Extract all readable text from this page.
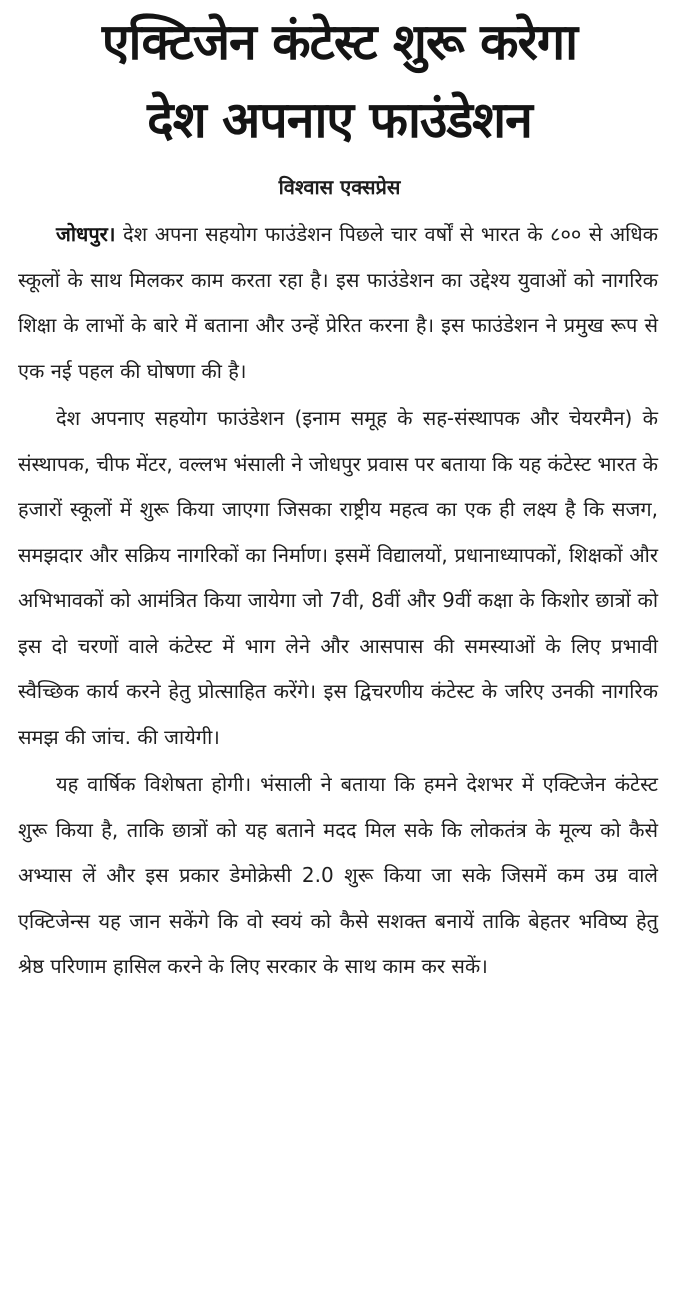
एक्टिजेन कंटेस्ट शुरू करेगा
देश अपनाए फाउंडेशन
विश्वास एक्सप्रेस

जोधपुर। देश अपना सहयोग फाउंडेशन पिछले चार वर्षों से भारत के ८०० से अधिक स्कूलों के साथ मिलकर काम करता रहा है। इस फाउंडेशन का उद्देश्य युवाओं को नागरिक शिक्षा के लाभों के बारे में बताना और उन्हें प्रेरित करना है। इस फाउंडेशन ने प्रमुख रूप से एक नई पहल की घोषणा की है।

देश अपनाए सहयोग फाउंडेशन (इनाम समूह के सह-संस्थापक और चेयरमैन) के संस्थापक, चीफ मेंटर, वल्लभ भंसाली ने जोधपुर प्रवास पर बताया कि यह कंटेस्ट भारत के हजारों स्कूलों में शुरू किया जाएगा जिसका राष्ट्रीय महत्व का एक ही लक्ष्य है कि सजग, समझदार और सक्रिय नागरिकों का निर्माण। इसमें विद्यालयों, प्रधानाध्यापकों, शिक्षकों और अभिभावकों को आमंत्रित किया जायेगा जो 7वी, 8वीं और 9वीं कक्षा के किशोर छात्रों को इस दो चरणों वाले कंटेस्ट में भाग लेने और आसपास की समस्याओं के लिए प्रभावी स्वैच्छिक कार्य करने हेतु प्रोत्साहित करेंगे। इस द्विचरणीय कंटेस्ट के जरिए उनकी नागरिक समझ की जांच. की जायेगी।

यह वार्षिक विशेषता होगी। भंसाली ने बताया कि हमने देशभर में एक्टिजेन कंटेस्ट शुरू किया है, ताकि छात्रों को यह बताने मदद मिल सके कि लोकतंत्र के मूल्य को कैसे अभ्यास लें और इस प्रकार डेमोक्रेसी 2.0 शुरू किया जा सके जिसमें कम उम्र वाले एक्टिजेन्स यह जान सकेंगे कि वो स्वयं को कैसे सशक्त बनायें ताकि बेहतर भविष्य हेतु श्रेष्ठ परिणाम हासिल करने के लिए सरकार के साथ काम कर सकें।
